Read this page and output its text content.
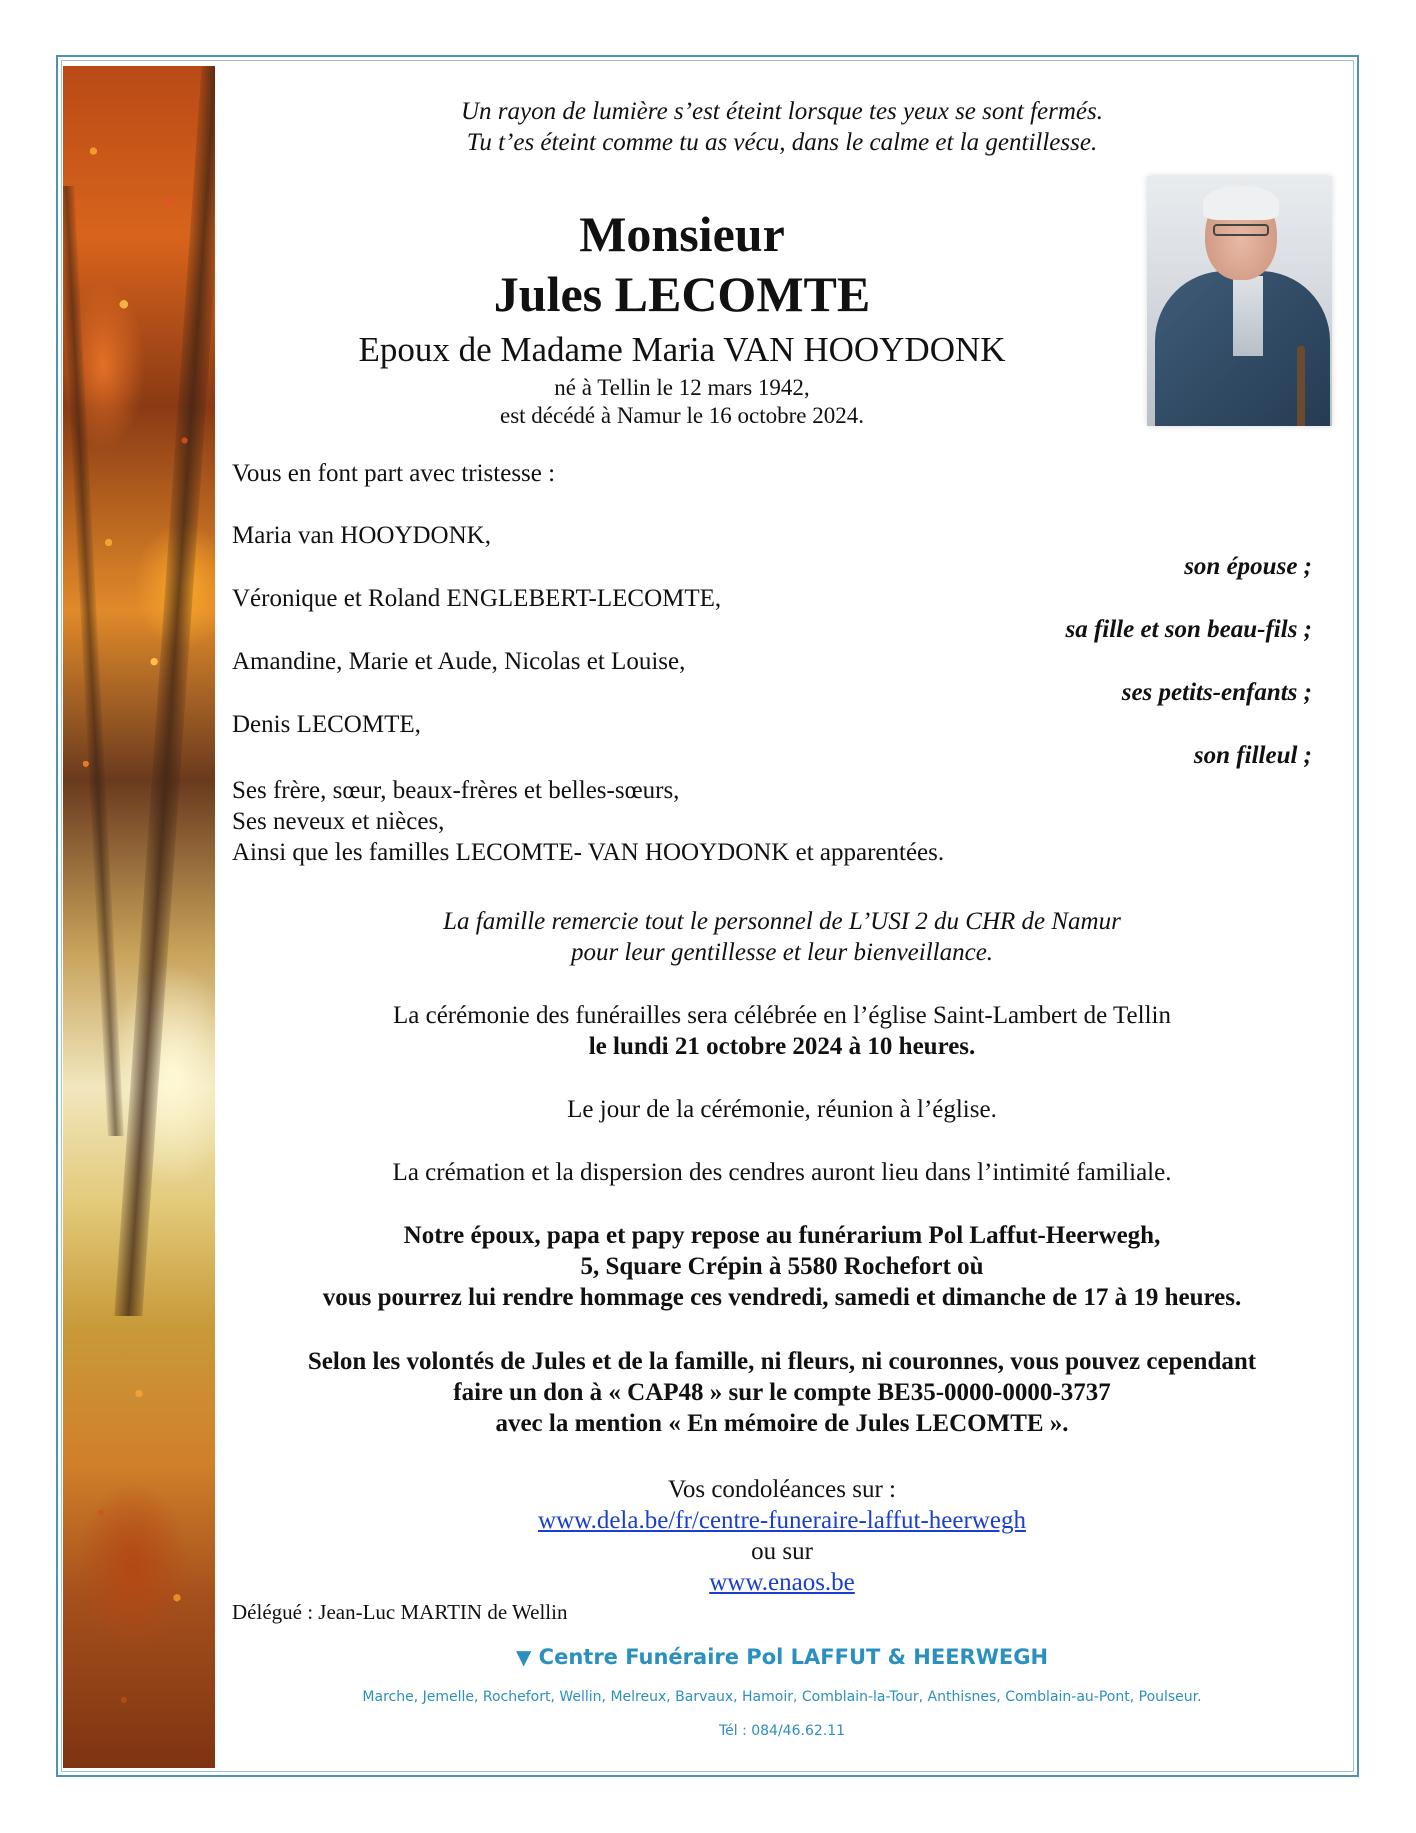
Un rayon de lumière s’est éteint lorsque tes yeux se sont fermés.
Tu t’es éteint comme tu as vécu, dans le calme et la gentillesse.
Monsieur
Jules LECOMTE
Epoux de Madame Maria VAN HOOYDONK
né à Tellin le 12 mars 1942,
est décédé à Namur le 16 octobre 2024.
Vous en font part avec tristesse :
Maria van HOOYDONK,
son épouse ;
Véronique et Roland ENGLEBERT-LECOMTE,
sa fille et son beau-fils ;
Amandine, Marie et Aude, Nicolas et Louise,
ses petits-enfants ;
Denis LECOMTE,
son filleul ;
Ses frère, sœur, beaux-frères et belles-sœurs,
Ses neveux et nièces,
Ainsi que les familles LECOMTE- VAN HOOYDONK et apparentées.
La famille remercie tout le personnel de L’USI 2 du CHR de Namur
pour leur gentillesse et leur bienveillance.
La cérémonie des funérailles sera célébrée en l’église Saint-Lambert de Tellin
le lundi 21 octobre 2024 à 10 heures.
Le jour de la cérémonie, réunion à l’église.
La crémation et la dispersion des cendres auront lieu dans l’intimité familiale.
Notre époux, papa et papy repose au funérarium Pol Laffut-Heerwegh,
5, Square Crépin à 5580 Rochefort où
vous pourrez lui rendre hommage ces vendredi, samedi et dimanche de 17 à 19 heures.
Selon les volontés de Jules et de la famille, ni fleurs, ni couronnes, vous pouvez cependant
faire un don à « CAP48 » sur le compte BE35-0000-0000-3737
avec la mention « En mémoire de Jules LECOMTE ».
Vos condoléances sur :
www.dela.be/fr/centre-funeraire-laffut-heerwegh
ou sur
www.enaos.be
Délégué : Jean-Luc MARTIN de Wellin
▼ Centre Funéraire Pol LAFFUT & HEERWEGH
Marche, Jemelle, Rochefort, Wellin, Melreux, Barvaux, Hamoir, Comblain-la-Tour, Anthisnes, Comblain-au-Pont, Poulseur.
Tél : 084/46.62.11
